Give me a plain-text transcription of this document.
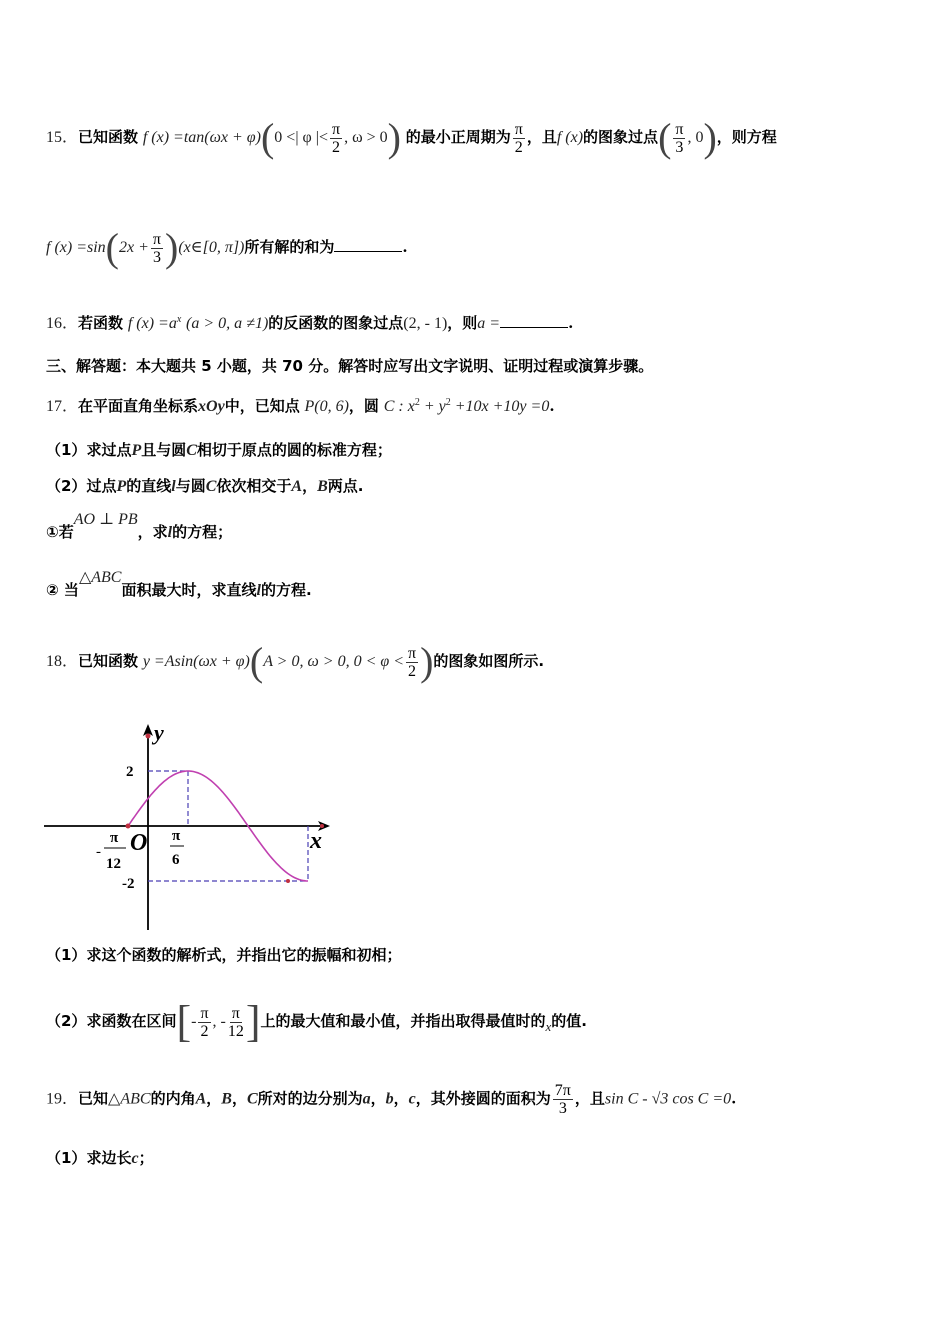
15．已知函数 f (x) =tan(ωx + φ)(0 <| φ |< $\frac{\pi}{2}$ , ω > 0) 的最小正周期为 $\frac{\pi}{2}$ ，且f (x)的图象过点( $\frac{\pi}{3}$ , 0)，则方程
f $(x) =\sin(2x + \frac{\pi}{3}$ )(x∈[0, π])所有解的和为	.
16．若函数 f $(x) =a^x$ (a > 0, a ≠1)的反函数的图象过点(2, - 1)，则a =	.
三、解答题：本大题共 5 小题，共 70 分。解答时应写出文字说明、证明过程或演算步骤。
17．在平面直角坐标系xOy中，已知点 P(0, 6)，圆 C : $x^2 + y^2 +10x +10y =0$.
（1）求过点P且与圆C相切于原点的圆的标准方程；
（2）过点P的直线l与圆C依次相交于A，B两点.
①若AO ⊥ PB，求l的方程；
② 当△ABC面积最大时，求直线l的方程.
18．已知函数 y =Asin(ωx + φ)(A > 0, ω > 0, $0 < \varphi < \frac{\pi}{2}$ )的图象如图所示.
y
x
O
2
-2
-
π
12
π
6
（1）求这个函数的解析式，并指出它的振幅和初相；
（2）求函数在区间[- $\frac{\pi}{2}$ , - $\frac{\pi}{12}$ ]上的最大值和最小值，并指出取得最值时的x的值.
19．已知△ABC的内角A，B，C所对的边分别为a，b，c，其外接圆的面积为 $\frac{7\pi}{3}$ ，且sin C - √3 cos C =0.
（1）求边长c；
